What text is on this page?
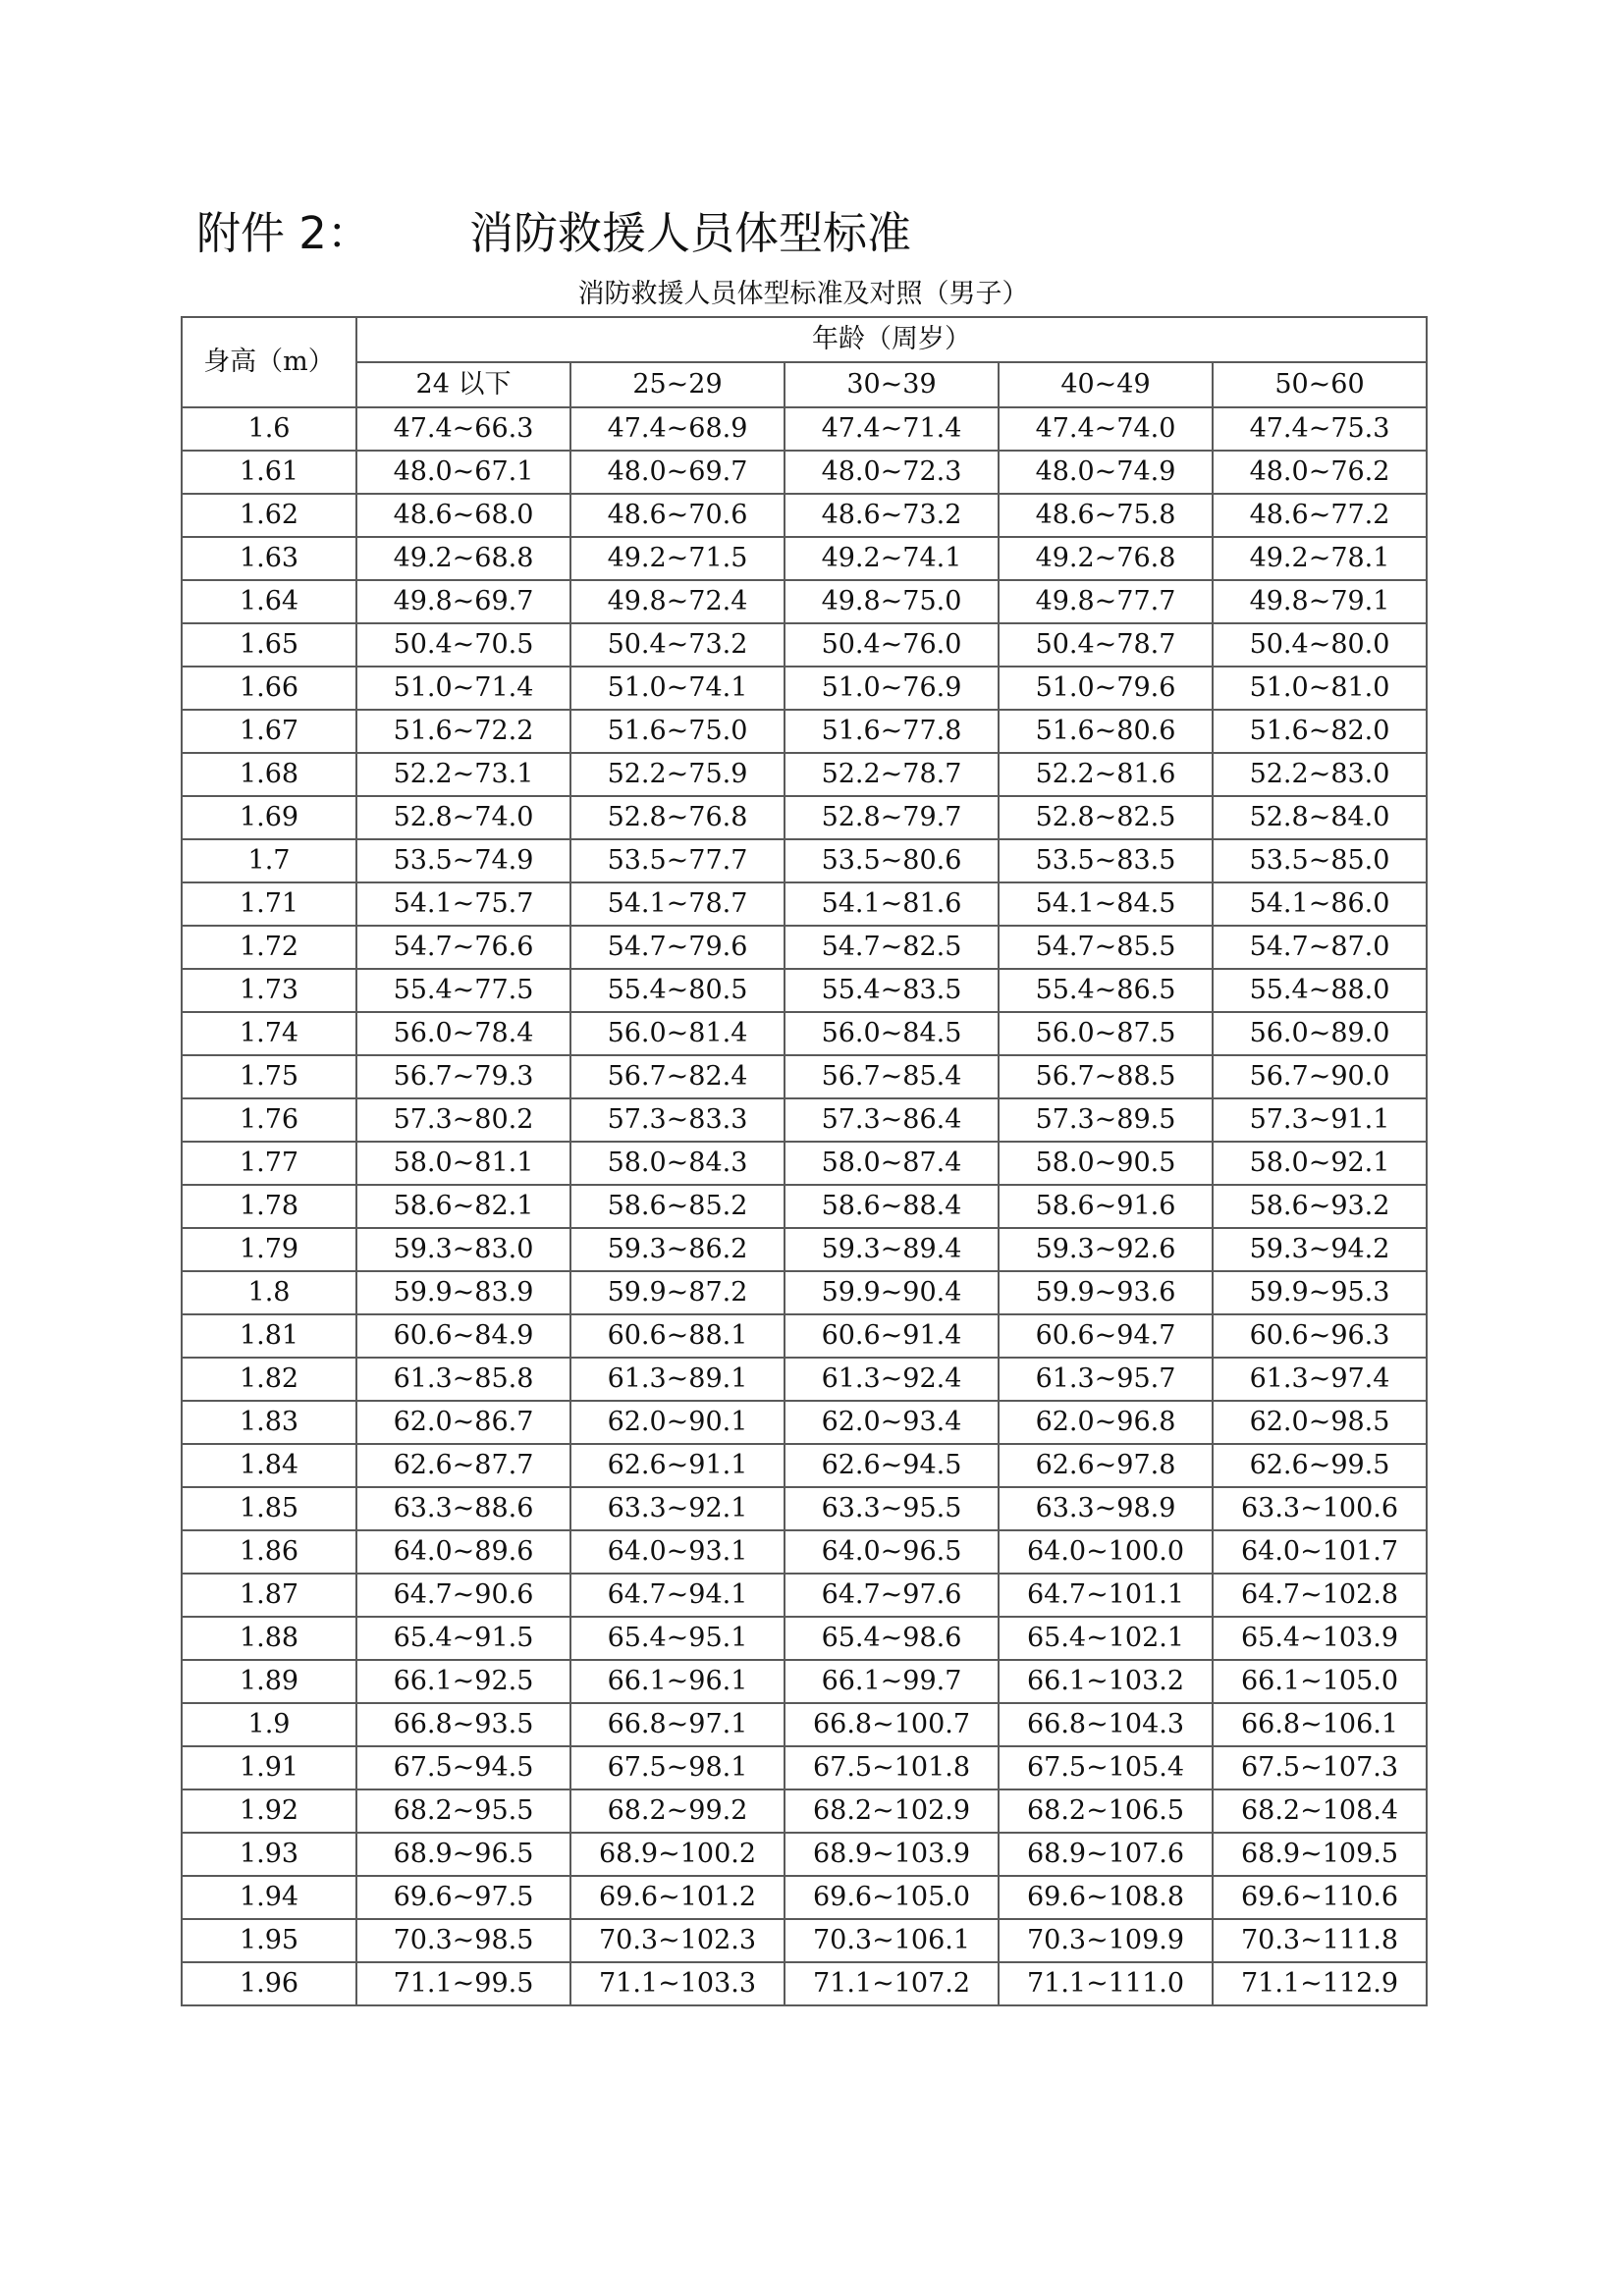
附件 2： 消防救援人员体型标准
消防救援人员体型标准及对照（男子）
身高（m）	年龄（周岁）				
	24 以下	25~29	30~39	40~49	50~60
1.6	47.4~66.3	47.4~68.9	47.4~71.4	47.4~74.0	47.4~75.3
1.61	48.0~67.1	48.0~69.7	48.0~72.3	48.0~74.9	48.0~76.2
1.62	48.6~68.0	48.6~70.6	48.6~73.2	48.6~75.8	48.6~77.2
1.63	49.2~68.8	49.2~71.5	49.2~74.1	49.2~76.8	49.2~78.1
1.64	49.8~69.7	49.8~72.4	49.8~75.0	49.8~77.7	49.8~79.1
1.65	50.4~70.5	50.4~73.2	50.4~76.0	50.4~78.7	50.4~80.0
1.66	51.0~71.4	51.0~74.1	51.0~76.9	51.0~79.6	51.0~81.0
1.67	51.6~72.2	51.6~75.0	51.6~77.8	51.6~80.6	51.6~82.0
1.68	52.2~73.1	52.2~75.9	52.2~78.7	52.2~81.6	52.2~83.0
1.69	52.8~74.0	52.8~76.8	52.8~79.7	52.8~82.5	52.8~84.0
1.7	53.5~74.9	53.5~77.7	53.5~80.6	53.5~83.5	53.5~85.0
1.71	54.1~75.7	54.1~78.7	54.1~81.6	54.1~84.5	54.1~86.0
1.72	54.7~76.6	54.7~79.6	54.7~82.5	54.7~85.5	54.7~87.0
1.73	55.4~77.5	55.4~80.5	55.4~83.5	55.4~86.5	55.4~88.0
1.74	56.0~78.4	56.0~81.4	56.0~84.5	56.0~87.5	56.0~89.0
1.75	56.7~79.3	56.7~82.4	56.7~85.4	56.7~88.5	56.7~90.0
1.76	57.3~80.2	57.3~83.3	57.3~86.4	57.3~89.5	57.3~91.1
1.77	58.0~81.1	58.0~84.3	58.0~87.4	58.0~90.5	58.0~92.1
1.78	58.6~82.1	58.6~85.2	58.6~88.4	58.6~91.6	58.6~93.2
1.79	59.3~83.0	59.3~86.2	59.3~89.4	59.3~92.6	59.3~94.2
1.8	59.9~83.9	59.9~87.2	59.9~90.4	59.9~93.6	59.9~95.3
1.81	60.6~84.9	60.6~88.1	60.6~91.4	60.6~94.7	60.6~96.3
1.82	61.3~85.8	61.3~89.1	61.3~92.4	61.3~95.7	61.3~97.4
1.83	62.0~86.7	62.0~90.1	62.0~93.4	62.0~96.8	62.0~98.5
1.84	62.6~87.7	62.6~91.1	62.6~94.5	62.6~97.8	62.6~99.5
1.85	63.3~88.6	63.3~92.1	63.3~95.5	63.3~98.9	63.3~100.6
1.86	64.0~89.6	64.0~93.1	64.0~96.5	64.0~100.0	64.0~101.7
1.87	64.7~90.6	64.7~94.1	64.7~97.6	64.7~101.1	64.7~102.8
1.88	65.4~91.5	65.4~95.1	65.4~98.6	65.4~102.1	65.4~103.9
1.89	66.1~92.5	66.1~96.1	66.1~99.7	66.1~103.2	66.1~105.0
1.9	66.8~93.5	66.8~97.1	66.8~100.7	66.8~104.3	66.8~106.1
1.91	67.5~94.5	67.5~98.1	67.5~101.8	67.5~105.4	67.5~107.3
1.92	68.2~95.5	68.2~99.2	68.2~102.9	68.2~106.5	68.2~108.4
1.93	68.9~96.5	68.9~100.2	68.9~103.9	68.9~107.6	68.9~109.5
1.94	69.6~97.5	69.6~101.2	69.6~105.0	69.6~108.8	69.6~110.6
1.95	70.3~98.5	70.3~102.3	70.3~106.1	70.3~109.9	70.3~111.8
1.96	71.1~99.5	71.1~103.3	71.1~107.2	71.1~111.0	71.1~112.9
